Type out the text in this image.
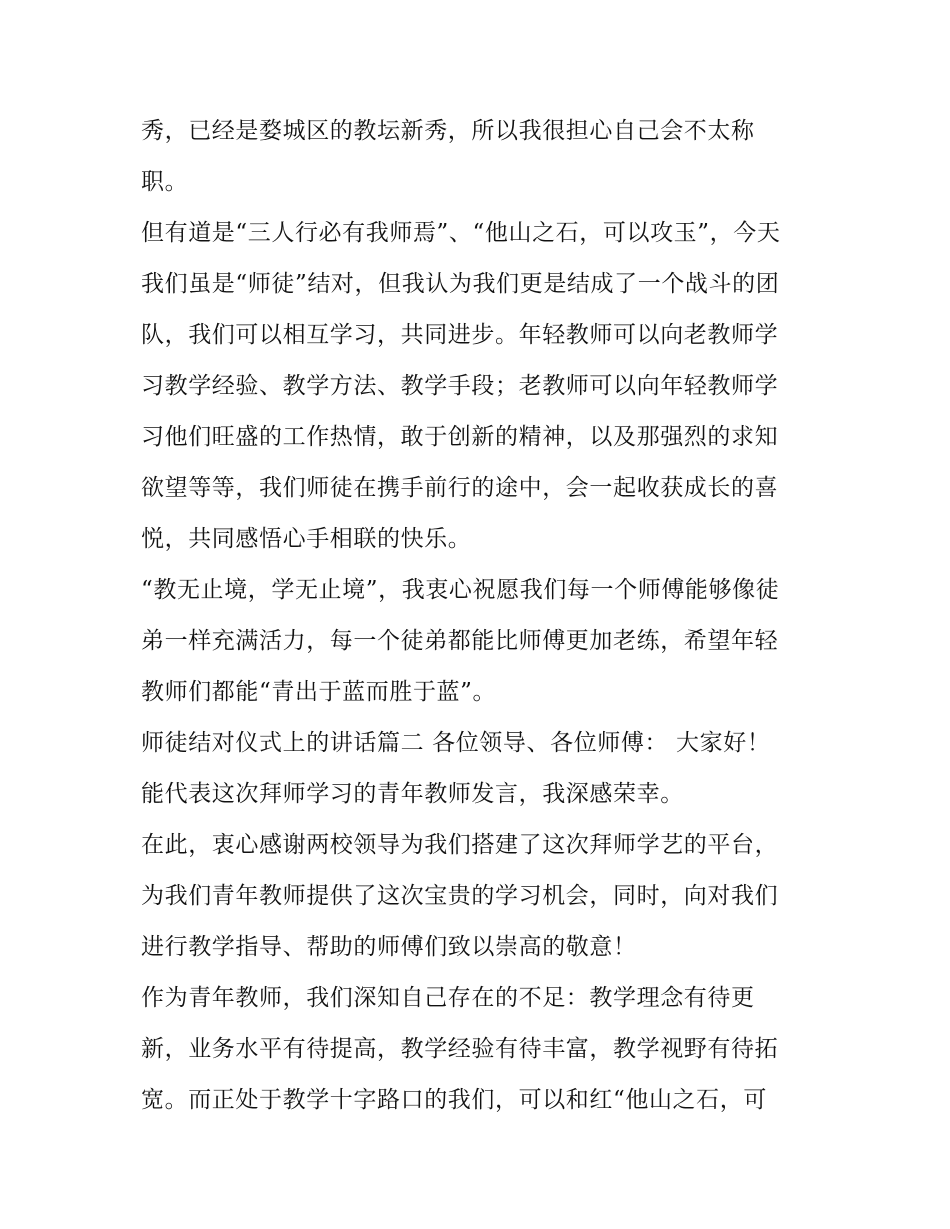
秀，已经是婺城区的教坛新秀，所以我很担心自己会不太称
职。
但有道是“三人行必有我师焉”、“他山之石，可以攻玉”，今天
我们虽是“师徒”结对，但我认为我们更是结成了一个战斗的团
队，我们可以相互学习，共同进步。年轻教师可以向老教师学
习教学经验、教学方法、教学手段；老教师可以向年轻教师学
习他们旺盛的工作热情，敢于创新的精神，以及那强烈的求知
欲望等等，我们师徒在携手前行的途中，会一起收获成长的喜
悦，共同感悟心手相联的快乐。
“教无止境，学无止境”，我衷心祝愿我们每一个师傅能够像徒
弟一样充满活力，每一个徒弟都能比师傅更加老练，希望年轻
教师们都能“青出于蓝而胜于蓝”。
师徒结对仪式上的讲话篇二 各位领导、各位师傅： 大家好！
能代表这次拜师学习的青年教师发言，我深感荣幸。
在此，衷心感谢两校领导为我们搭建了这次拜师学艺的平台，
为我们青年教师提供了这次宝贵的学习机会，同时，向对我们
进行教学指导、帮助的师傅们致以崇高的敬意！
作为青年教师，我们深知自己存在的不足：教学理念有待更
新，业务水平有待提高，教学经验有待丰富，教学视野有待拓
宽。而正处于教学十字路口的我们，可以和红“他山之石，可
